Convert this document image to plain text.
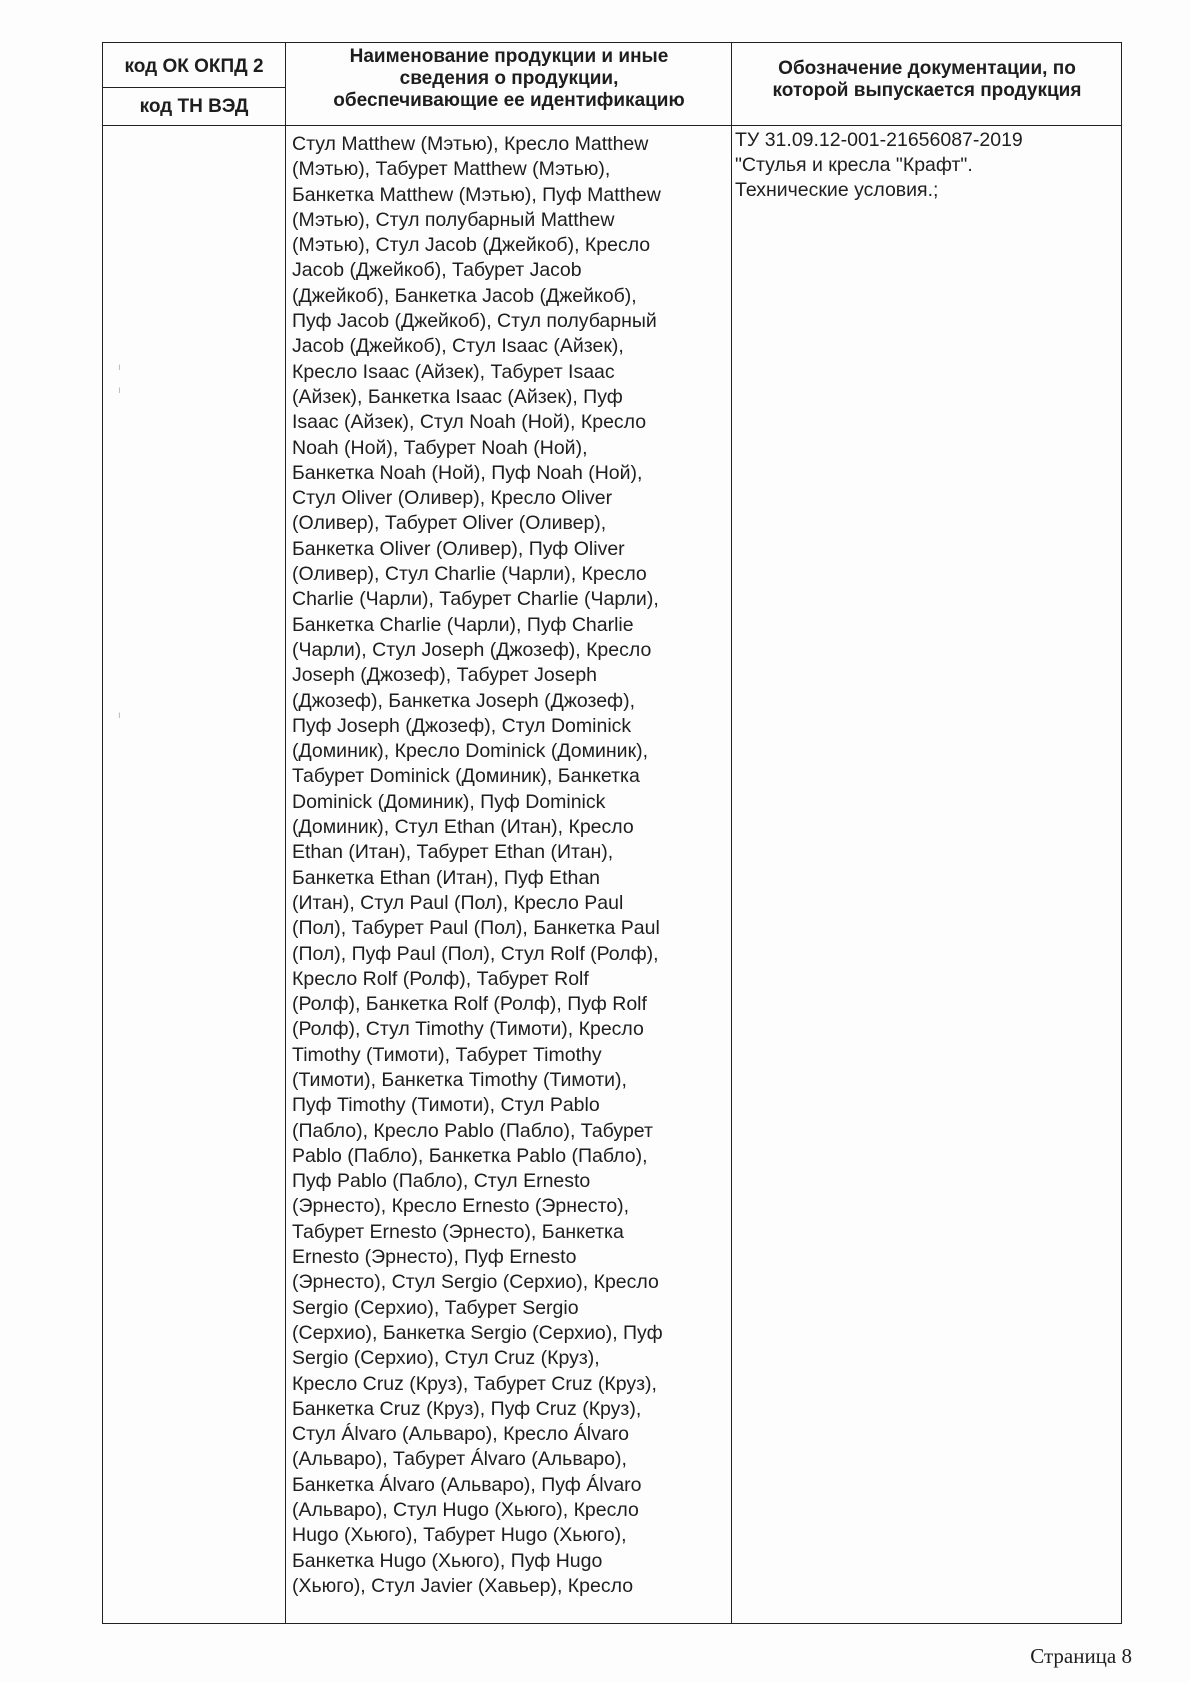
код ОК ОКПД 2
код ТН ВЭД
Наименование продукции и иные
сведения о продукции,
обеспечивающие ее идентификацию
Обозначение документации, по
которой выпускается продукция
ı
ı
ı
Стул Matthew (Мэтью), Кресло Matthew
(Мэтью), Табурет Matthew (Мэтью),
Банкетка Matthew (Мэтью), Пуф Matthew
(Мэтью), Стул полубарный Matthew
(Мэтью), Стул Jacob (Джейкоб), Кресло
Jacob (Джейкоб), Табурет Jacob
(Джейкоб), Банкетка Jacob (Джейкоб),
Пуф Jacob (Джейкоб), Стул полубарный
Jacob (Джейкоб), Стул Isaac (Айзек),
Кресло Isaac (Айзек), Табурет Isaac
(Айзек), Банкетка Isaac (Айзек), Пуф
Isaac (Айзек), Стул Noah (Ной), Кресло
Noah (Ной), Табурет Noah (Ной),
Банкетка Noah (Ной), Пуф Noah (Ной),
Стул Oliver (Оливер), Кресло Oliver
(Оливер), Табурет Oliver (Оливер),
Банкетка Oliver (Оливер), Пуф Oliver
(Оливер), Стул Charlie (Чарли), Кресло
Charlie (Чарли), Табурет Charlie (Чарли),
Банкетка Charlie (Чарли), Пуф Charlie
(Чарли), Стул Joseph (Джозеф), Кресло
Joseph (Джозеф), Табурет Joseph
(Джозеф), Банкетка Joseph (Джозеф),
Пуф Joseph (Джозеф), Стул Dominick
(Доминик), Кресло Dominick (Доминик),
Табурет Dominick (Доминик), Банкетка
Dominick (Доминик), Пуф Dominick
(Доминик), Стул Ethan (Итан), Кресло
Ethan (Итан), Табурет Ethan (Итан),
Банкетка Ethan (Итан), Пуф Ethan
(Итан), Стул Paul (Пол), Кресло Paul
(Пол), Табурет Paul (Пол), Банкетка Paul
(Пол), Пуф Paul (Пол), Стул Rolf (Ролф),
Кресло Rolf (Ролф), Табурет Rolf
(Ролф), Банкетка Rolf (Ролф), Пуф Rolf
(Ролф), Стул Timothy (Тимоти), Кресло
Timothy (Тимоти), Табурет Timothy
(Тимоти), Банкетка Timothy (Тимоти),
Пуф Timothy (Тимоти), Стул Pablo
(Пабло), Кресло Pablo (Пабло), Табурет
Pablo (Пабло), Банкетка Pablo (Пабло),
Пуф Pablo (Пабло), Стул Ernesto
(Эрнесто), Кресло Ernesto (Эрнесто),
Табурет Ernesto (Эрнесто), Банкетка
Ernesto (Эрнесто), Пуф Ernesto
(Эрнесто), Стул Sergio (Серхио), Кресло
Sergio (Серхио), Табурет Sergio
(Серхио), Банкетка Sergio (Серхио), Пуф
Sergio (Серхио), Стул Cruz (Круз),
Кресло Cruz (Круз), Табурет Cruz (Круз),
Банкетка Cruz (Круз), Пуф Cruz (Круз),
Стул Álvaro (Альваро), Кресло Álvaro
(Альваро), Табурет Álvaro (Альваро),
Банкетка Álvaro (Альваро), Пуф Álvaro
(Альваро), Стул Hugo (Хьюго), Кресло
Hugo (Хьюго), Табурет Hugo (Хьюго),
Банкетка Hugo (Хьюго), Пуф Hugo
(Хьюго), Стул Javier (Хавьер), Кресло
ТУ 31.09.12-001-21656087-2019
"Стулья и кресла "Крафт".
Технические условия.;
Страница 8
